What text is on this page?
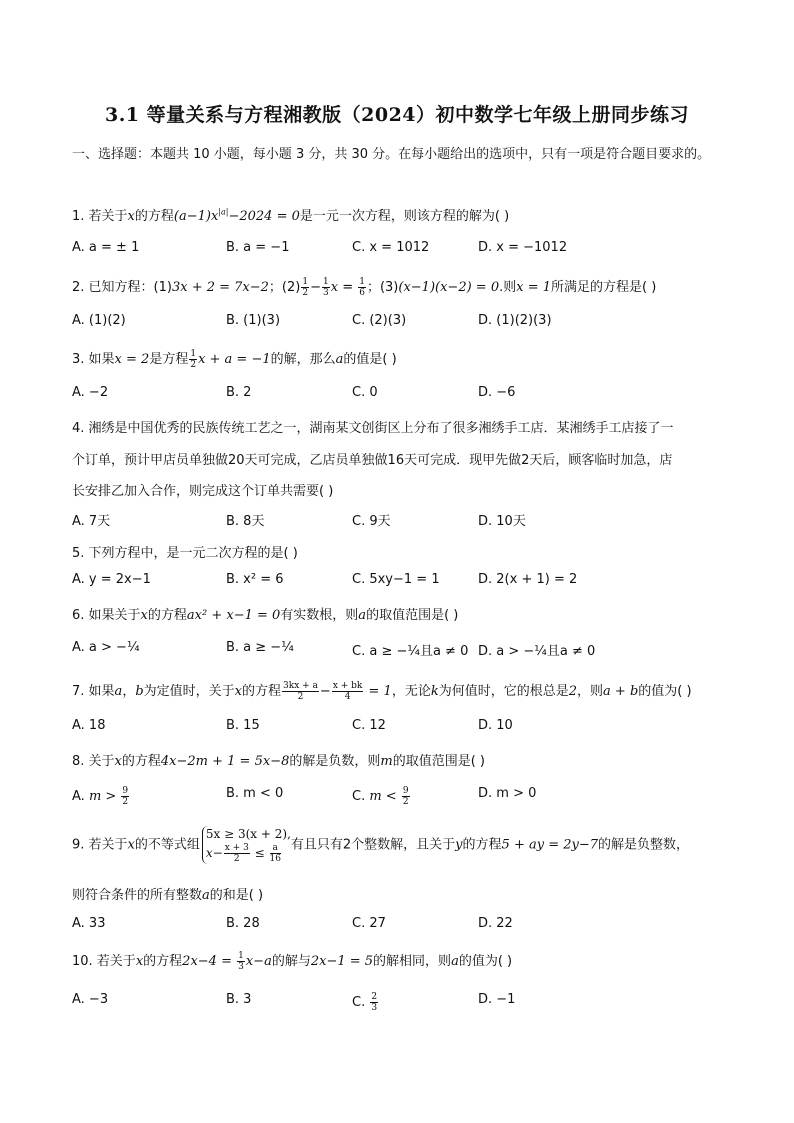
3.1 等量关系与方程湘教版（2024）初中数学七年级上册同步练习
一、选择题：本题共 10 小题，每小题 3 分，共 30 分。在每小题给出的选项中，只有一项是符合题目要求的。
1. 若关于x的方程$(a-1)x^{|a|}-2024 = 0$是一元一次方程，则该方程的解为( )
A. a = ± 1	B. a = −1	C. x = 1012	D. x = −1012
2. 已知方程：(1)3x + 2 = 7x−2；$(2) \frac{1}{2} - \frac{1}{3}$ $x = \frac{1}{6}$ ；(3)(x−1)(x−2) = 0.则x = 1所满足的方程是( )
A. (1)(2)	B. (1)(3)	C. (2)(3)	D. (1)(2)(3)
3. 如果x = 2是方程 $\frac{1}{2}$ x + a = −1的解，那么a的值是( )
A. −2	B. 2	C. 0	D. −6
4. 湘绣是中国优秀的民族传统工艺之一，湖南某文创街区上分布了很多湘绣手工店．某湘绣手工店接了一
个订单，预计甲店员单独做20天可完成，乙店员单独做16天可完成．现甲先做2天后，顾客临时加急，店
长安排乙加入合作，则完成这个订单共需要( )
A. 7天	B. 8天	C. 9天	D. 10天
5. 下列方程中，是一元二次方程的是( )
A. y = 2x−1	B. x² = 6	C. 5xy−1 = 1	D. 2(x + 1) = 2
6. 如果关于x的方程ax² + x−1 = 0有实数根，则a的取值范围是( )
A. a > −¼	B. a ≥ −¼	C. a ≥ −¼且a ≠ 0 D. a > −¼且a ≠ 0
7. 如果a，b为定值时，关于x的方程 $\frac{3kx + a}{2} - \frac{x + bk}{4} = 1$，无论k为何值时，它的根总是2，则a + b的值为( )
A. 18	B. 15	C. 12	D. 10
8. 关于x的方程4x−2m + 1 = 5x−8的解是负数，则m的取值范围是( )
A. $m > \frac{9}{2}$	B. m < 0	C. $m < \frac{9}{2}$	D. m > 0
9. 若关于x的不等式组
5x ≥ 3(x + 2),
$x- \frac{x + 3}{2} \le \frac{a}{16}$ 有且只有2个整数解，且关于y的方程5 + ay = 2y−7的解是负整数，
则符合条件的所有整数a的和是( )
A. 33	B. 28	C. 27	D. 22
10. 若关于x的方程$2x-4 = \frac{1}{3} x-a$的解与2x−1 = 5的解相同，则a的值为( )
A. −3	B. 3	C. $\frac{2}{3}$	D. −1
